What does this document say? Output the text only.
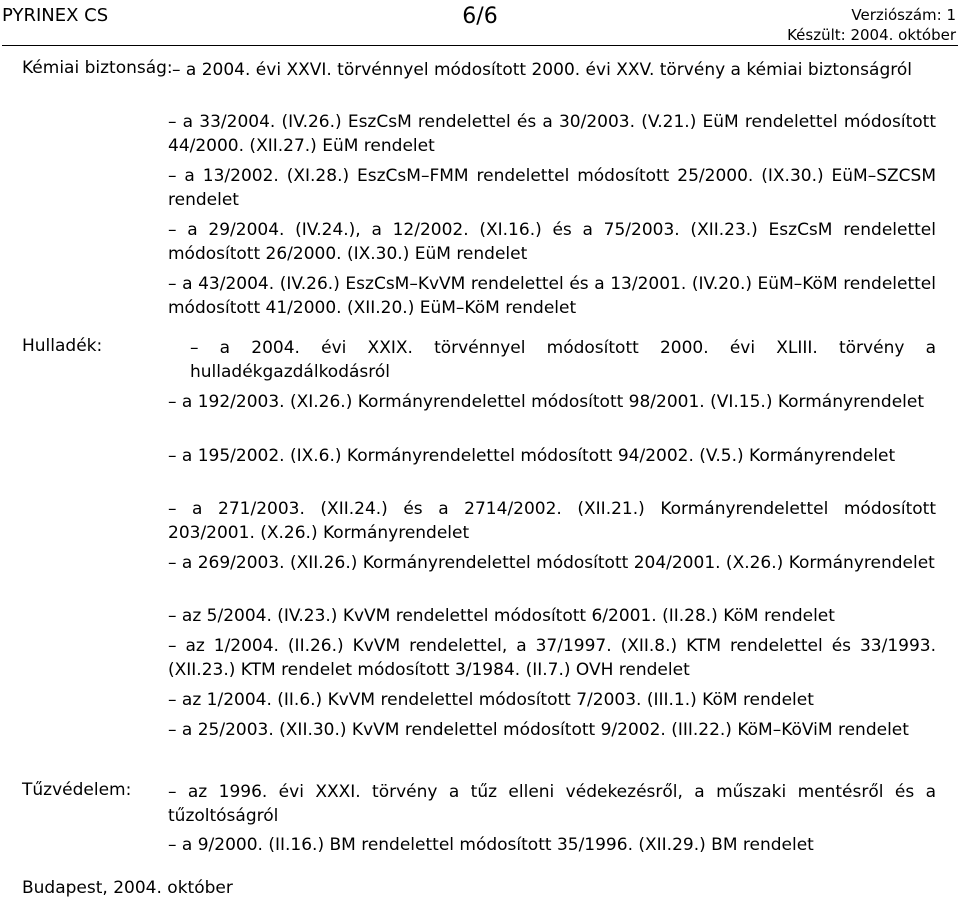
PYRINEX CS	6/6	Verziószám: 1
Készült: 2004. október
Kémiai biztonság: – a 2004. évi XXVI. törvénnyel módosított 2000. évi XXV. törvény a kémiai biztonságról
– a 33/2004. (IV.26.) EszCsM rendelettel és a 30/2003. (V.21.) EüM rendelettel módosított 44/2000. (XII.27.) EüM rendelet
– a 13/2002. (XI.28.) EszCsM–FMM rendelettel módosított 25/2000. (IX.30.) EüM–SZCSM rendelet
– a 29/2004. (IV.24.), a 12/2002. (XI.16.) és a 75/2003. (XII.23.) EszCsM rendelettel módosított 26/2000. (IX.30.) EüM rendelet
– a 43/2004. (IV.26.) EszCsM–KvVM rendelettel és a 13/2001. (IV.20.) EüM–KöM rendelettel módosított 41/2000. (XII.20.) EüM–KöM rendelet
Hulladék:	– a 2004. évi XXIX. törvénnyel módosított 2000. évi XLIII. törvény a hulladékgazdálkodásról
– a 192/2003. (XI.26.) Kormányrendelettel módosított 98/2001. (VI.15.) Kormányrendelet
– a 195/2002. (IX.6.) Kormányrendelettel módosított 94/2002. (V.5.) Kormányrendelet
– a 271/2003. (XII.24.) és a 2714/2002. (XII.21.) Kormányrendelettel módosított 203/2001. (X.26.) Kormányrendelet
– a 269/2003. (XII.26.) Kormányrendelettel módosított 204/2001. (X.26.) Kormányrendelet
– az 5/2004. (IV.23.) KvVM rendelettel módosított 6/2001. (II.28.) KöM rendelet
– az 1/2004. (II.26.) KvVM rendelettel, a 37/1997. (XII.8.) KTM rendelettel és 33/1993. (XII.23.) KTM rendelet módosított 3/1984. (II.7.) OVH rendelet
– az 1/2004. (II.6.) KvVM rendelettel módosított 7/2003. (III.1.) KöM rendelet
– a 25/2003. (XII.30.) KvVM rendelettel módosított 9/2002. (III.22.) KöM–KöViM rendelet
Tűzvédelem: – az 1996. évi XXXI. törvény a tűz elleni védekezésről, a műszaki mentésről és a tűzoltóságról
– a 9/2000. (II.16.) BM rendelettel módosított 35/1996. (XII.29.) BM rendelet
Budapest, 2004. október
